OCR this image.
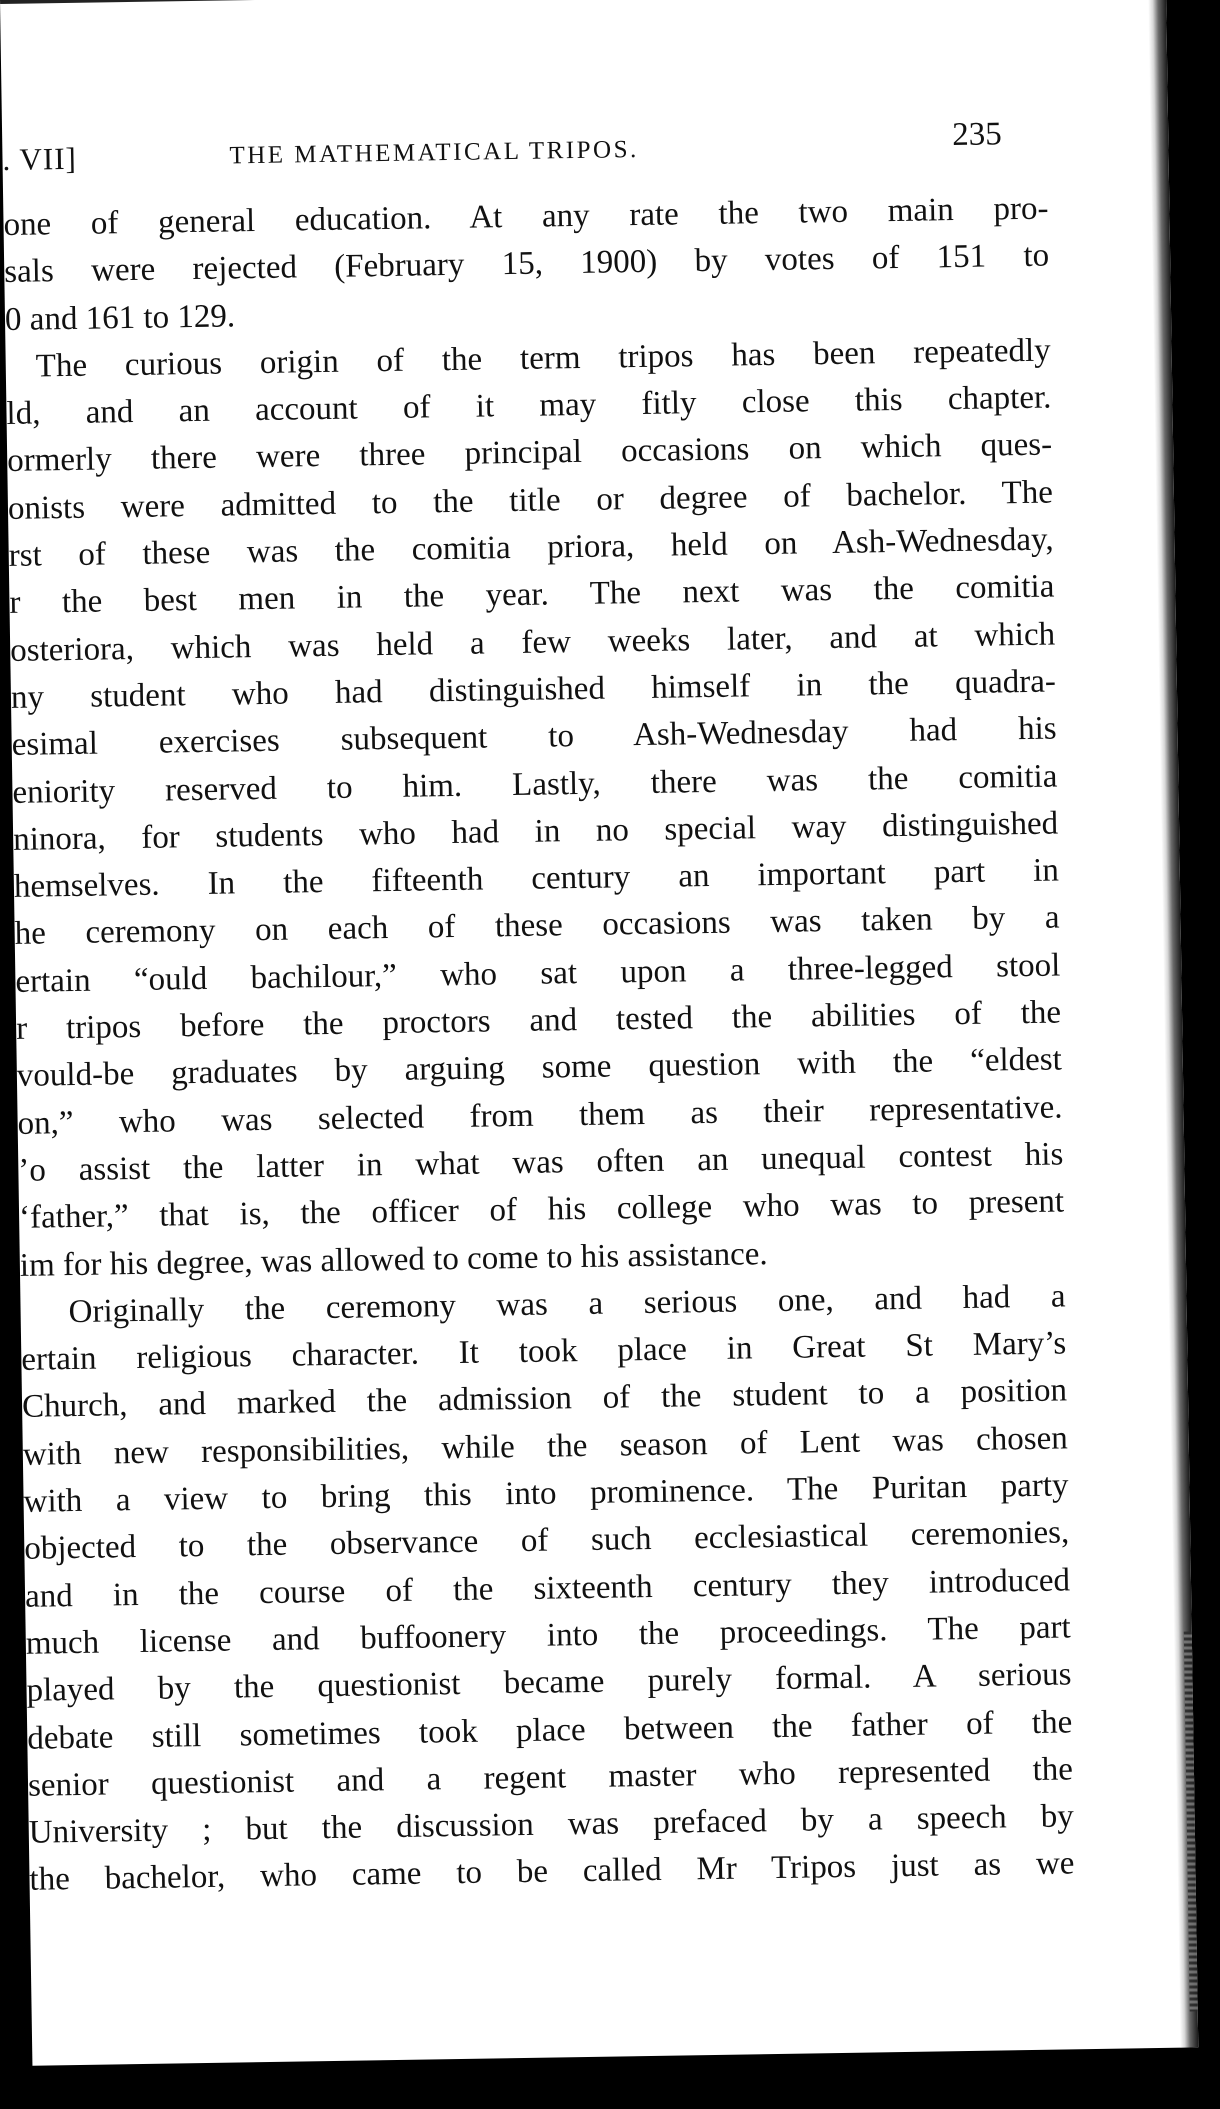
. VII]	THE MATHEMATICAL TRIPOS.	235
one of general education. At any rate the two main pro-
sals were rejected (February 15, 1900) by votes of 151 to
0 and 161 to 129.
The curious origin of the term tripos has been repeatedly
ld, and an account of it may fitly close this chapter.
ormerly there were three principal occasions on which ques-
onists were admitted to the title or degree of bachelor. The
rst of these was the comitia priora, held on Ash-Wednesday,
r the best men in the year. The next was the comitia
osteriora, which was held a few weeks later, and at which
ny student who had distinguished himself in the quadra-
esimal exercises subsequent to Ash-Wednesday had his
eniority reserved to him. Lastly, there was the comitia
ninora, for students who had in no special way distinguished
hemselves. In the fifteenth century an important part in
he ceremony on each of these occasions was taken by a
ertain “ould bachilour,” who sat upon a three-legged stool
r tripos before the proctors and tested the abilities of the
vould-be graduates by arguing some question with the “eldest
on,” who was selected from them as their representative.
’o assist the latter in what was often an unequal contest his
‘father,” that is, the officer of his college who was to present
im for his degree, was allowed to come to his assistance.
Originally the ceremony was a serious one, and had a
ertain religious character. It took place in Great St Mary’s
Church, and marked the admission of the student to a position
with new responsibilities, while the season of Lent was chosen
with a view to bring this into prominence. The Puritan party
objected to the observance of such ecclesiastical ceremonies,
and in the course of the sixteenth century they introduced
much license and buffoonery into the proceedings. The part
played by the questionist became purely formal. A serious
debate still sometimes took place between the father of the
senior questionist and a regent master who represented the
University ; but the discussion was prefaced by a speech by
the bachelor, who came to be called Mr Tripos just as we
